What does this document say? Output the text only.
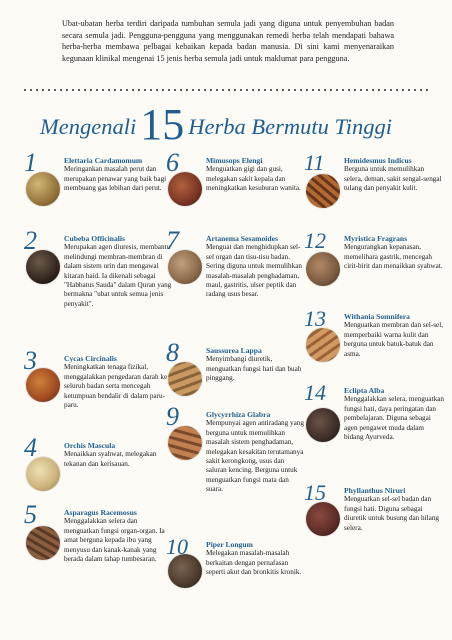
Ubat-ubatan herba terdiri daripada tumbuhan semula jadi yang diguna untuk penyembuhan badan secara semula jadi. Pengguna-pengguna yang menggunakan remedi herba telah mendapati bahawa herba-herba membawa pelbagai kebaikan kepada badan manusia. Di sini kami menyenaraikan kegunaan klinikal mengenai 15 jenis herba semula jadi untuk maklumat para pengguna.
Mengenali 15 Herba Bermutu Tinggi
1	Elettaria Cardamomum
Meringankan masalah perut dan merupakan penawar yang baik bagi membuang gas lebihan dari perut.
2	Cubeba Officinalis
Merupakan agen diuresis, membantu melindungi membran-membran di dalam sistem urin dan mengawal kitaran haid. Ia dikenali sebagai "Habbatus Sauda" dalam Quran yang bermakna "ubat untuk semua jenis penyakit".
3	Cycas Circinalis
Meningkatkan tenaga fizikal, menggalakkan pengedaran darah ke seluruh badan serta mencegah ketumpuan bendalir di dalam paru-paru.
4	Orchis Mascula
Menaikkan syahwat, melegakan tekanan dan kerisauan.
5	Asparagus Racemosus
Menggalakkan selera dan menguatkan fungsi organ-organ. Ia amat berguna kepada ibu yang menyusu dan kanak-kanak yang berada dalam tahap tumbesaran.
6	Mimusops Elengi
Menguatkan gigi dan gusi, melegakan sakit kepala dan meningkatkan kesuburan wanita.
7	Artanema Sesamoides
Menguat dan menghidupkan sel-sel organ dan tisu-tisu badan. Sering diguna untuk memulihkan masalah-masalah penghadaman, maul, gastritis, ulser peptik dan radang usus besar.
8	Saussurea Lappa
Menyimbangi diuretik, menguatkan fungsi hati dan buah pinggang.
9	Glycyrrhiza Glabra
Mempunyai agen antiradang yang berguna untuk memulihkan masalah sistem penghadaman, melegakan kesakitan terutamanya sakit kerongkong, usus dan saluran kencing. Berguna untuk menguatkan fungsi mata dan suara.
10 Piper Longum
Melegakan masalah-masalah berkaitan dengan pernafasan seperti akut dan bronkitis kronik.
11	Hemidesmus Indicus
Berguna untuk memulihkan selera, deman, sakit sengal-sengal tulang dan penyakit kulit.
12 Myristica Fragrans
Mengurangkan kepanasan, memelihara gastrik, mencegah cirit-birit dan menaikkan syahwat.
13 Withania Somnifera
Menguatkan membran dan sel-sel, memperbaiki warna kulit dan berguna untuk batuk-batuk dan asma.
14 Eclipta Alba
Menggalakkan selera, menguatkan fungsi hati, daya peringatan dan pembelajaran. Diguna sebagai agen pengawet muda dalam bidang Ayurveda.
15 Phyllanthus Niruri
Menguatkan sel-sel badan dan fungsi hati. Diguna sebagai diuretik untuk busung dan hilang selera.
